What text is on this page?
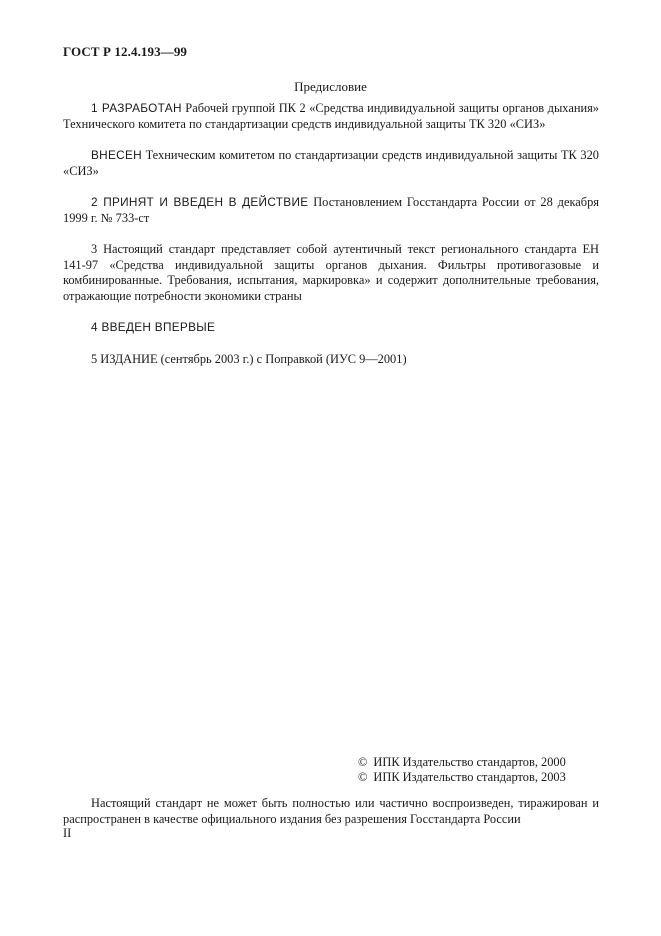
ГОСТ Р 12.4.193—99
Предисловие

1 РАЗРАБОТАН Рабочей группой ПК 2 «Средства индивидуальной защиты органов дыхания» Технического комитета по стандартизации средств индивидуальной защиты ТК 320 «СИЗ»

ВНЕСЕН Техническим комитетом по стандартизации средств индивидуальной защиты ТК 320 «СИЗ»

2 ПРИНЯТ И ВВЕДЕН В ДЕЙСТВИЕ Постановлением Госстандарта России от 28 декабря 1999 г. № 733-ст

3 Настоящий стандарт представляет собой аутентичный текст регионального стандарта ЕН 141-97 «Средства индивидуальной защиты органов дыхания. Фильтры противогазовые и комбинированные. Требования, испытания, маркировка» и содержит дополнительные требования, отражающие потребности экономики страны

4 ВВЕДЕН ВПЕРВЫЕ

5 ИЗДАНИЕ (сентябрь 2003 г.) с Поправкой (ИУС 9—2001)

© ИПК Издательство стандартов, 2000
© ИПК Издательство стандартов, 2003
Настоящий стандарт не может быть полностью или частично воспроизведен, тиражирован и распространен в качестве официального издания без разрешения Госстандарта России
II
